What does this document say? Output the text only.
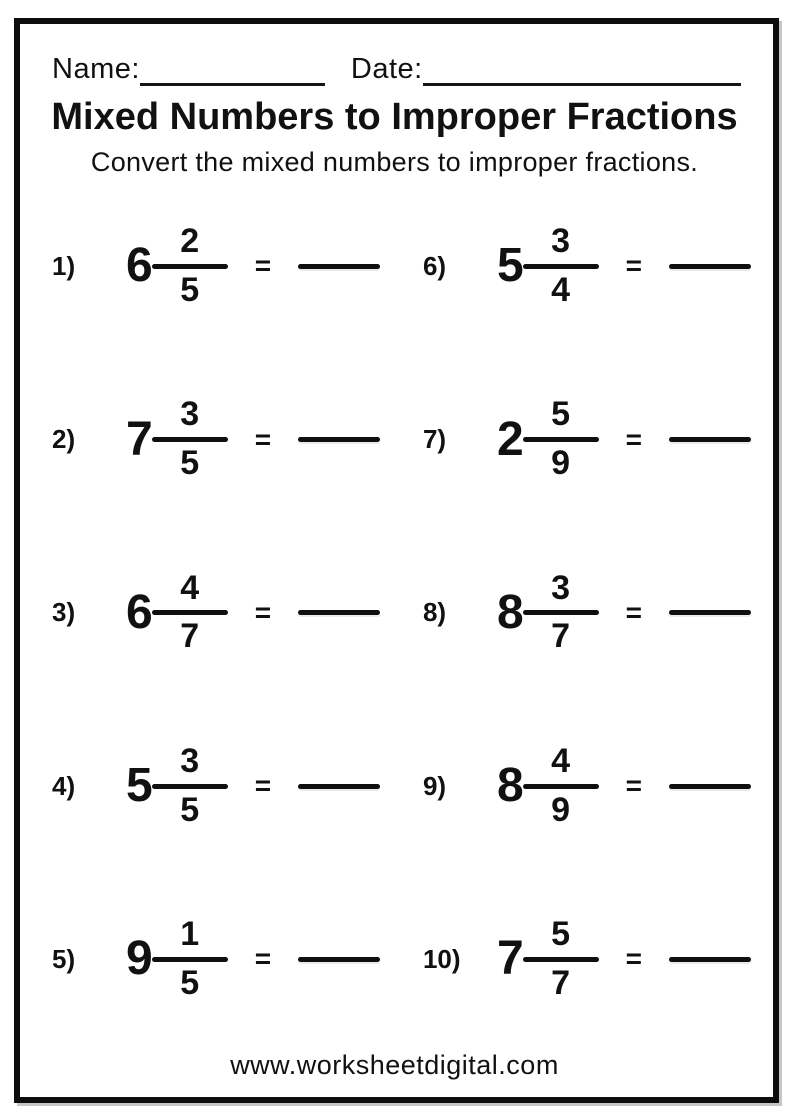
Name:	Date:
Mixed Numbers to Improper Fractions
Convert the mixed numbers to improper fractions.
1)	6 2
5
=
2)	7 3
5
=
3)	6 4
7
=
4)	5 3
5
=
5)	9 1
5
=
6)	5 3
4
=
7)	2 5
9
=
8)	8 3
7
=
9)	8 4
9
=
10) 7 5
7
=
www.worksheetdigital.com
